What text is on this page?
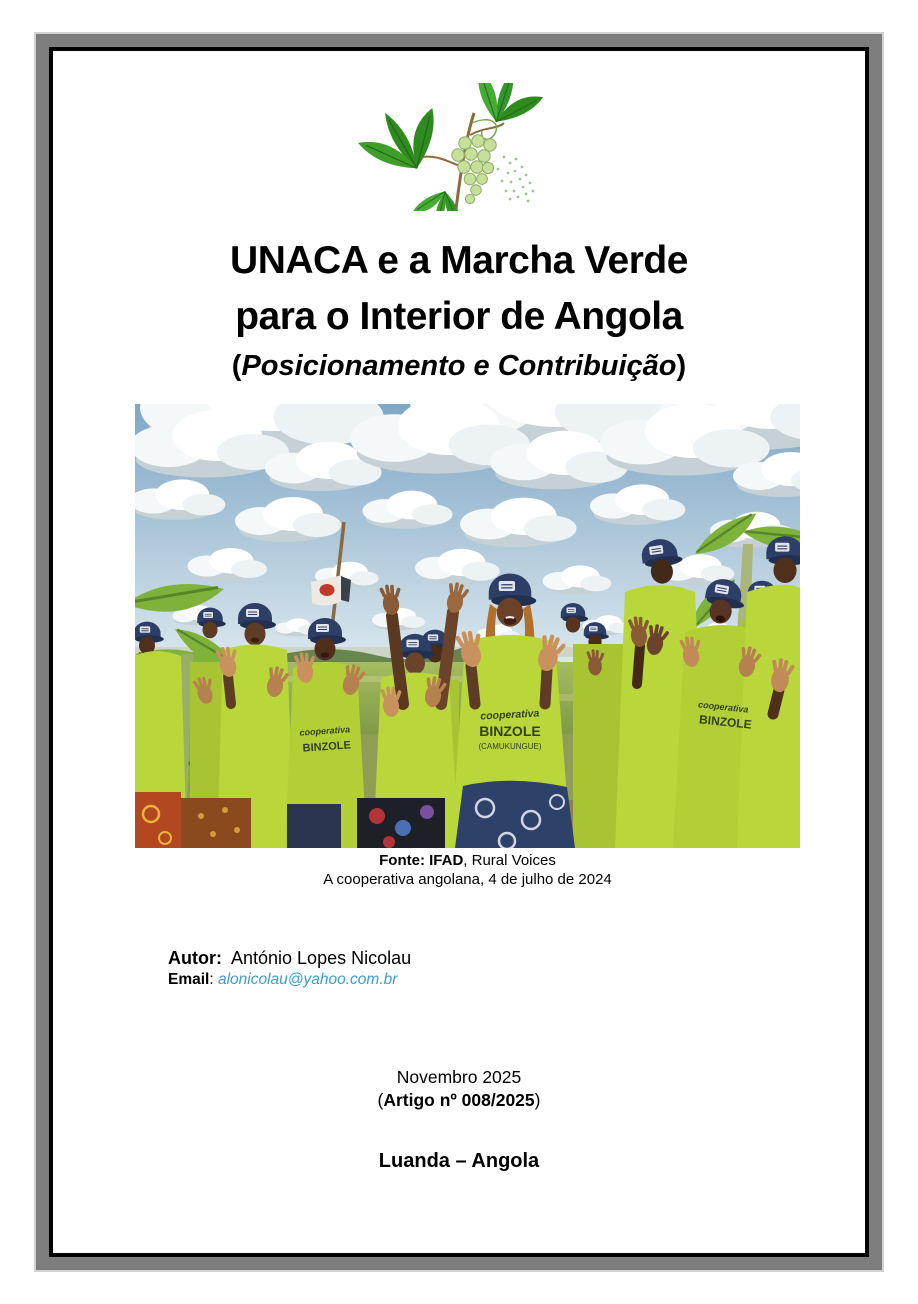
UNACA e a Marcha Verde
para o Interior de Angola
(Posicionamento e Contribuição)
cooperativa
BINZOLE
(CAMUKUNGUE)
cooperativa
BINZOLE
cooperativa
BINZOLE
Fonte: IFAD, Rural Voices
A cooperativa angolana, 4 de julho de 2024
Autor: António Lopes Nicolau
Email: alonicolau@yahoo.com.br
Novembro 2025
(Artigo nº 008/2025)
Luanda – Angola
